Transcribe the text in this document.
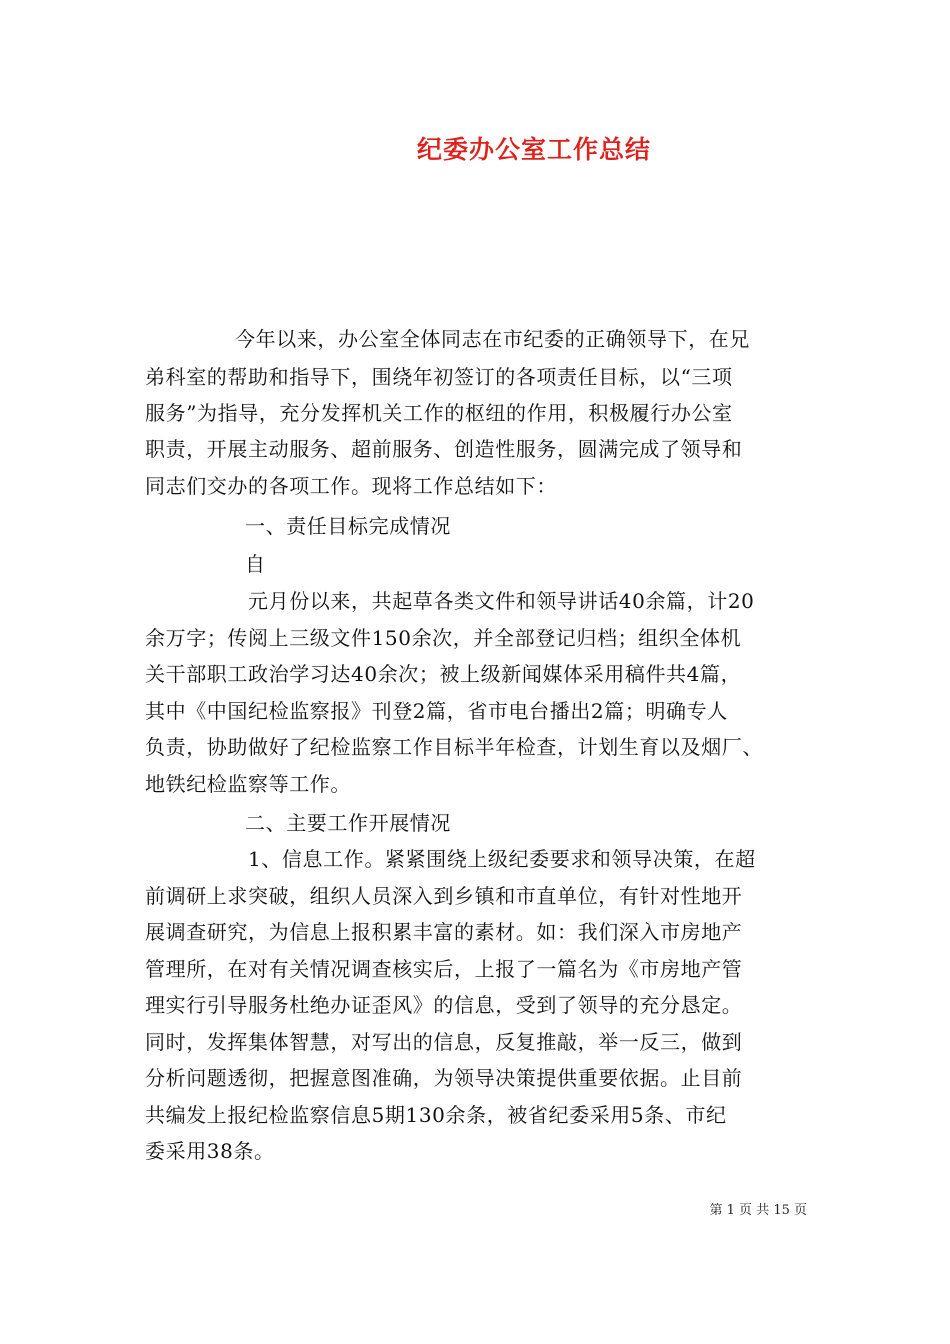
纪委办公室工作总结
今年以来，办公室全体同志在市纪委的正确领导下，在兄
弟科室的帮助和指导下，围绕年初签订的各项责任目标，以“三项
服务”为指导，充分发挥机关工作的枢纽的作用，积极履行办公室
职责，开展主动服务、超前服务、创造性服务，圆满完成了领导和
同志们交办的各项工作。现将工作总结如下：
一、责任目标完成情况
自
元月份以来，共起草各类文件和领导讲话40余篇，计20
余万字；传阅上三级文件150余次，并全部登记归档；组织全体机
关干部职工政治学习达40余次；被上级新闻媒体采用稿件共4篇，
其中《中国纪检监察报》刊登2篇，省市电台播出2篇；明确专人
负责，协助做好了纪检监察工作目标半年检查，计划生育以及烟厂、
地铁纪检监察等工作。
二、主要工作开展情况
1、信息工作。紧紧围绕上级纪委要求和领导决策，在超
前调研上求突破，组织人员深入到乡镇和市直单位，有针对性地开
展调查研究，为信息上报积累丰富的素材。如：我们深入市房地产
管理所，在对有关情况调查核实后，上报了一篇名为《市房地产管
理实行引导服务杜绝办证歪风》的信息，受到了领导的充分恳定。
同时，发挥集体智慧，对写出的信息，反复推敲，举一反三，做到
分析问题透彻，把握意图准确，为领导决策提供重要依据。止目前
共编发上报纪检监察信息5期130余条，被省纪委采用5条、市纪
委采用38条。
第 1 页 共 15 页
